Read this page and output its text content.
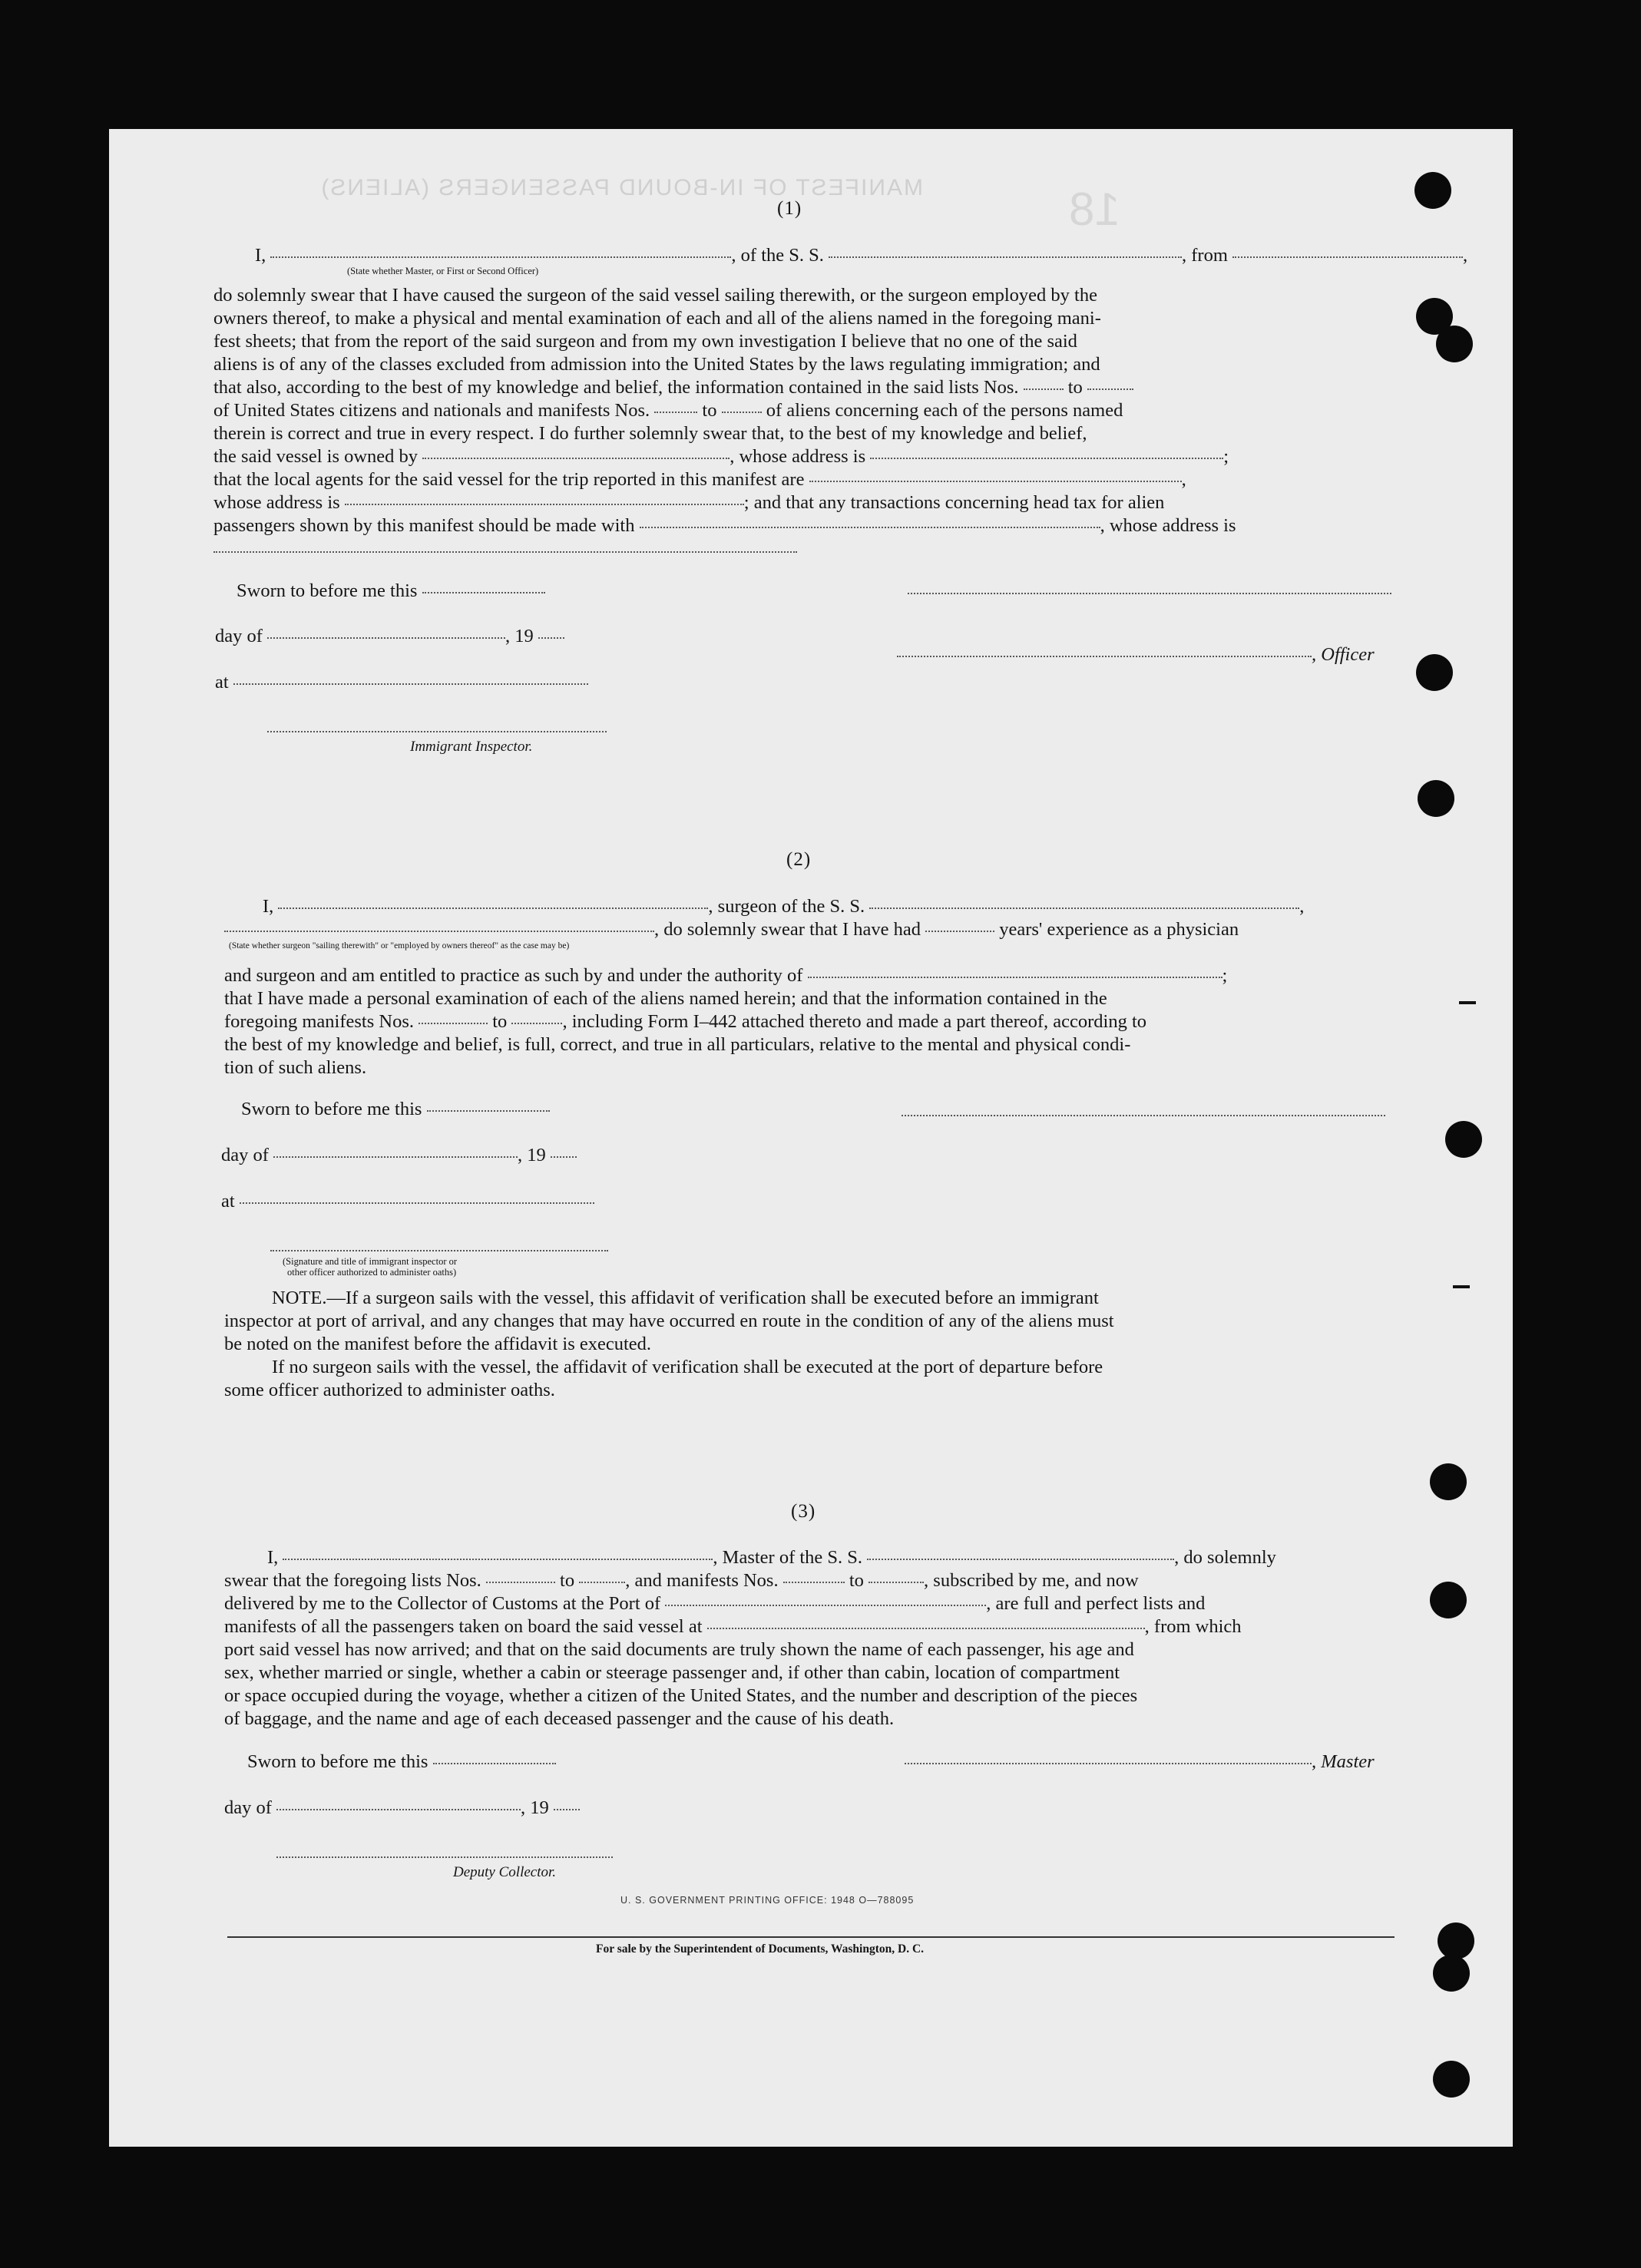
MANIFEST OF IN-BOUND PASSENGERS (ALIENS)	18
(1)
I,	, of the S. S.	, from	,
(State whether Master, or First or Second Officer)
do solemnly swear that I have caused the surgeon of the said vessel sailing therewith, or the surgeon employed by the
owners thereof, to make a physical and mental examination of each and all of the aliens named in the foregoing mani-
fest sheets; that from the report of the said surgeon and from my own investigation I believe that no one of the said
aliens is of any of the classes excluded from admission into the United States by the laws regulating immigration; and
that also, according to the best of my knowledge and belief, the information contained in the said lists Nos.	to
of United States citizens and nationals and manifests Nos.	to	of aliens concerning each of the persons named
therein is correct and true in every respect. I do further solemnly swear that, to the best of my knowledge and belief,
the said vessel is owned by	, whose address is	;
that the local agents for the said vessel for the trip reported in this manifest are	,
whose address is	; and that any transactions concerning head tax for alien
passengers shown by this manifest should be made with	, whose address is
Sworn to before me this
day of	, 19
, Officer
at
Immigrant Inspector.
(2)
I,	, surgeon of the S. S.	,
, do solemnly swear that I have had	years' experience as a physician
(State whether surgeon "sailing therewith" or "employed by owners thereof" as the case may be)
and surgeon and am entitled to practice as such by and under the authority of	;
that I have made a personal examination of each of the aliens named herein; and that the information contained in the
foregoing manifests Nos.	to	, including Form I–442 attached thereto and made a part thereof, according to
the best of my knowledge and belief, is full, correct, and true in all particulars, relative to the mental and physical condi-
tion of such aliens.
Sworn to before me this
day of	, 19
at
(Signature and title of immigrant inspector or
other officer authorized to administer oaths)
NOTE.—If a surgeon sails with the vessel, this affidavit of verification shall be executed before an immigrant
inspector at port of arrival, and any changes that may have occurred en route in the condition of any of the aliens must
be noted on the manifest before the affidavit is executed.
If no surgeon sails with the vessel, the affidavit of verification shall be executed at the port of departure before
some officer authorized to administer oaths.
(3)
I,	, Master of the S. S.	, do solemnly
swear that the foregoing lists Nos.	to	, and manifests Nos.	to	, subscribed by me, and now
delivered by me to the Collector of Customs at the Port of	, are full and perfect lists and
manifests of all the passengers taken on board the said vessel at	, from which
port said vessel has now arrived; and that on the said documents are truly shown the name of each passenger, his age and
sex, whether married or single, whether a cabin or steerage passenger and, if other than cabin, location of compartment
or space occupied during the voyage, whether a citizen of the United States, and the number and description of the pieces
of baggage, and the name and age of each deceased passenger and the cause of his death.
Sworn to before me this	, Master
day of	, 19
Deputy Collector.
U. S. GOVERNMENT PRINTING OFFICE: 1948 O—788095
For sale by the Superintendent of Documents, Washington, D. C.
